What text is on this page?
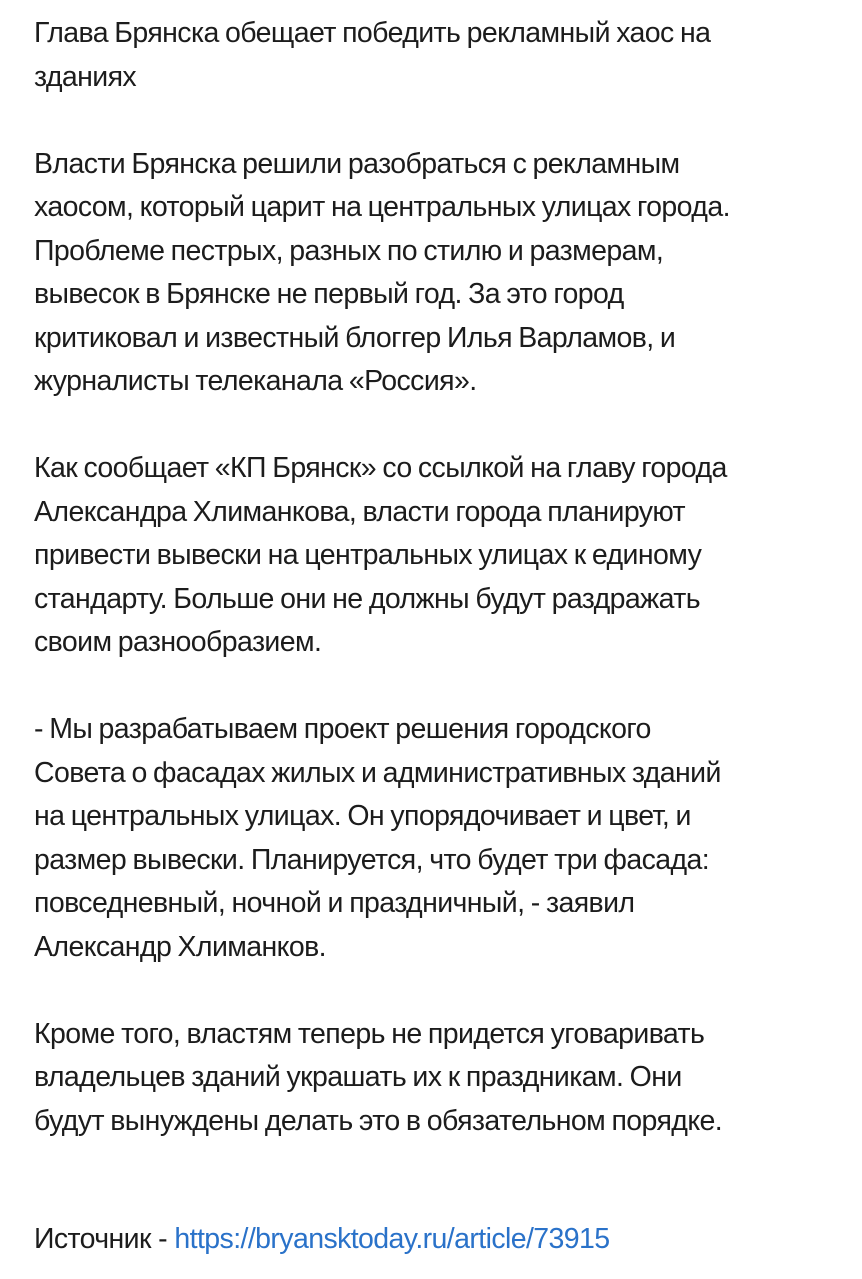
Глава Брянска обещает победить рекламный хаос на
зданиях
Власти Брянска решили разобраться с рекламным
хаосом, который царит на центральных улицах города.
Проблеме пестрых, разных по стилю и размерам,
вывесок в Брянске не первый год. За это город
критиковал и известный блоггер Илья Варламов, и
журналисты телеканала «Россия».
Как сообщает «КП Брянск» со ссылкой на главу города
Александра Хлиманкова, власти города планируют
привести вывески на центральных улицах к единому
стандарту. Больше они не должны будут раздражать
своим разнообразием.
- Мы разрабатываем проект решения городского
Совета о фасадах жилых и административных зданий
на центральных улицах. Он упорядочивает и цвет, и
размер вывески. Планируется, что будет три фасада:
повседневный, ночной и праздничный, - заявил
Александр Хлиманков.
Кроме того, властям теперь не придется уговаривать
владельцев зданий украшать их к праздникам. Они
будут вынуждены делать это в обязательном порядке.
Источник - https://bryansktoday.ru/article/73915
